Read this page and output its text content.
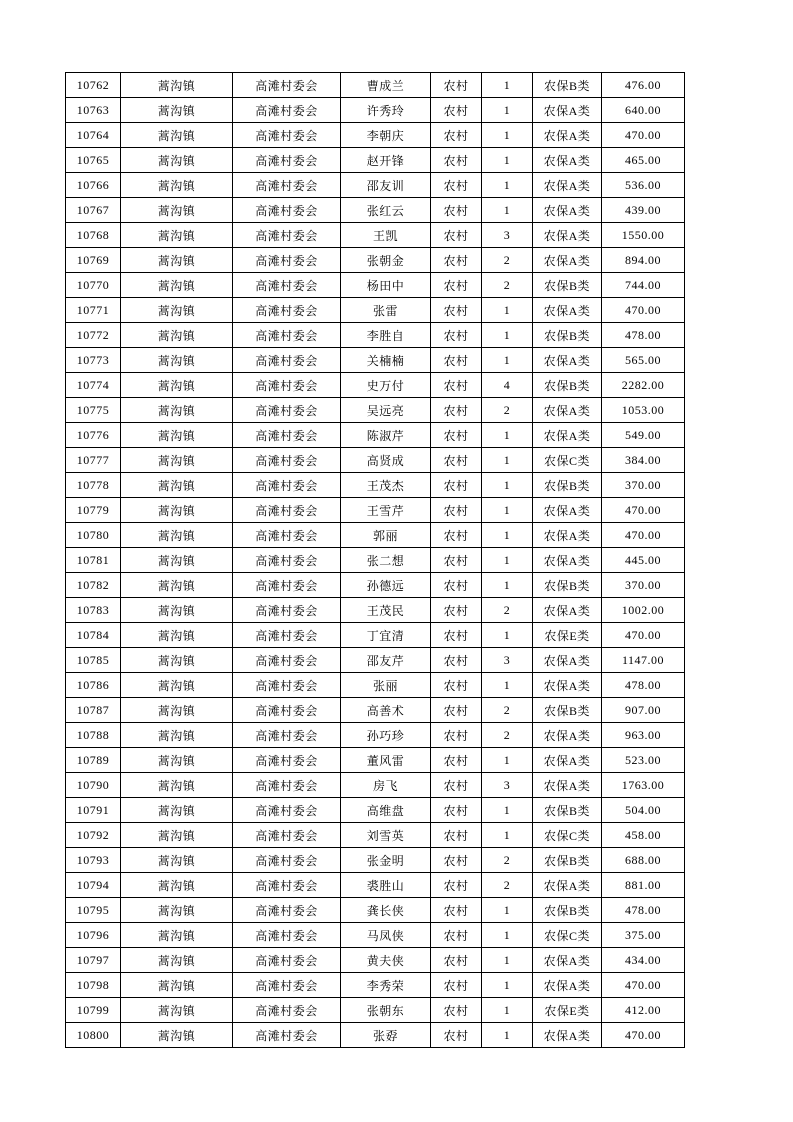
10762	蒿沟镇	高滩村委会	曹成兰	农村	1	农保B类	476.00
10763	蒿沟镇	高滩村委会	许秀玲	农村	1	农保A类	640.00
10764	蒿沟镇	高滩村委会	李朝庆	农村	1	农保A类	470.00
10765	蒿沟镇	高滩村委会	赵开锋	农村	1	农保A类	465.00
10766	蒿沟镇	高滩村委会	邵友训	农村	1	农保A类	536.00
10767	蒿沟镇	高滩村委会	张红云	农村	1	农保A类	439.00
10768	蒿沟镇	高滩村委会	王凯	农村	3	农保A类	1550.00
10769	蒿沟镇	高滩村委会	张朝金	农村	2	农保A类	894.00
10770	蒿沟镇	高滩村委会	杨田中	农村	2	农保B类	744.00
10771	蒿沟镇	高滩村委会	张雷	农村	1	农保A类	470.00
10772	蒿沟镇	高滩村委会	李胜自	农村	1	农保B类	478.00
10773	蒿沟镇	高滩村委会	关楠楠	农村	1	农保A类	565.00
10774	蒿沟镇	高滩村委会	史万付	农村	4	农保B类	2282.00
10775	蒿沟镇	高滩村委会	吴远亮	农村	2	农保A类	1053.00
10776	蒿沟镇	高滩村委会	陈淑芹	农村	1	农保A类	549.00
10777	蒿沟镇	高滩村委会	高贤成	农村	1	农保C类	384.00
10778	蒿沟镇	高滩村委会	王茂杰	农村	1	农保B类	370.00
10779	蒿沟镇	高滩村委会	王雪芹	农村	1	农保A类	470.00
10780	蒿沟镇	高滩村委会	郭丽	农村	1	农保A类	470.00
10781	蒿沟镇	高滩村委会	张二想	农村	1	农保A类	445.00
10782	蒿沟镇	高滩村委会	孙德远	农村	1	农保B类	370.00
10783	蒿沟镇	高滩村委会	王茂民	农村	2	农保A类	1002.00
10784	蒿沟镇	高滩村委会	丁宜清	农村	1	农保E类	470.00
10785	蒿沟镇	高滩村委会	邵友芹	农村	3	农保A类	1147.00
10786	蒿沟镇	高滩村委会	张丽	农村	1	农保A类	478.00
10787	蒿沟镇	高滩村委会	高善术	农村	2	农保B类	907.00
10788	蒿沟镇	高滩村委会	孙巧珍	农村	2	农保A类	963.00
10789	蒿沟镇	高滩村委会	董风雷	农村	1	农保A类	523.00
10790	蒿沟镇	高滩村委会	房飞	农村	3	农保A类	1763.00
10791	蒿沟镇	高滩村委会	高维盘	农村	1	农保B类	504.00
10792	蒿沟镇	高滩村委会	刘雪英	农村	1	农保C类	458.00
10793	蒿沟镇	高滩村委会	张金明	农村	2	农保B类	688.00
10794	蒿沟镇	高滩村委会	裘胜山	农村	2	农保A类	881.00
10795	蒿沟镇	高滩村委会	龚长侠	农村	1	农保B类	478.00
10796	蒿沟镇	高滩村委会	马凤侠	农村	1	农保C类	375.00
10797	蒿沟镇	高滩村委会	黄夫侠	农村	1	农保A类	434.00
10798	蒿沟镇	高滩村委会	李秀荣	农村	1	农保A类	470.00
10799	蒿沟镇	高滩村委会	张朝东	农村	1	农保E类	412.00
10800	蒿沟镇	高滩村委会	张孬	农村	1	农保A类	470.00
